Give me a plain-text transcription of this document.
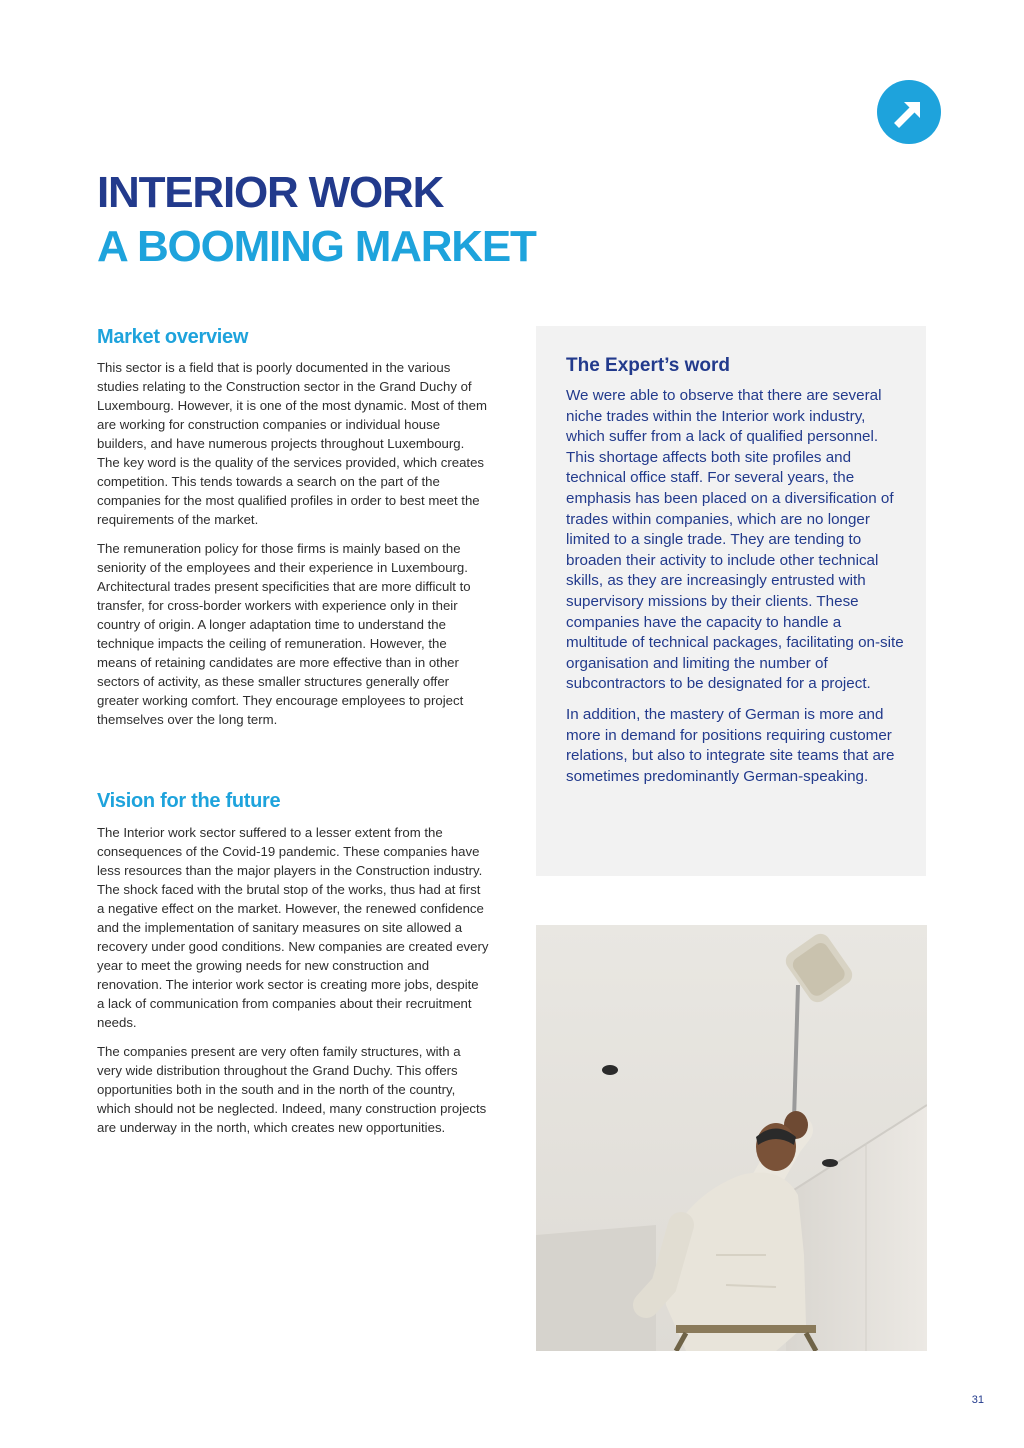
INTERIOR WORK
A BOOMING MARKET
Market overview

This sector is a field that is poorly documented in the various studies relating to the Construction sector in the Grand Duchy of Luxembourg. However, it is one of the most dynamic. Most of them are working for construction companies or individual house builders, and have numerous projects throughout Luxembourg. The key word is the quality of the services provided, which creates competition. This tends towards a search on the part of the companies for the most qualified profiles in order to best meet the requirements of the market.

The remuneration policy for those firms is mainly based on the seniority of the employees and their experience in Luxembourg. Architectural trades present specificities that are more difficult to transfer, for cross-border workers with experience only in their country of origin. A longer adaptation time to understand the technique impacts the ceiling of remuneration. However, the means of retaining candidates are more effective than in other sectors of activity, as these smaller structures generally offer greater working comfort. They encourage employees to project themselves over the long term.

Vision for the future

The Interior work sector suffered to a lesser extent from the consequences of the Covid-19 pandemic. These companies have less resources than the major players in the Construction industry. The shock faced with the brutal stop of the works, thus had at first a negative effect on the market. However, the renewed confidence and the implementation of sanitary measures on site allowed a recovery under good conditions. New companies are created every year to meet the growing needs for new construction and renovation. The interior work sector is creating more jobs, despite a lack of communication from companies about their recruitment needs.

The companies present are very often family structures, with a very wide distribution throughout the Grand Duchy. This offers opportunities both in the south and in the north of the country, which should not be neglected. Indeed, many construction projects are underway in the north, which creates new opportunities.

The Expert’s word

We were able to observe that there are several niche trades within the Interior work industry, which suffer from a lack of qualified personnel. This shortage affects both site profiles and technical office staff. For several years, the emphasis has been placed on a diversification of trades within companies, which are no longer limited to a single trade. They are tending to broaden their activity to include other technical skills, as they are increasingly entrusted with supervisory missions by their clients. These companies have the capacity to handle a multitude of technical packages, facilitating on-site organisation and limiting the number of subcontractors to be designated for a project.

In addition, the mastery of German is more and more in demand for positions requiring customer relations, but also to integrate site teams that are sometimes predominantly German-speaking.

31
